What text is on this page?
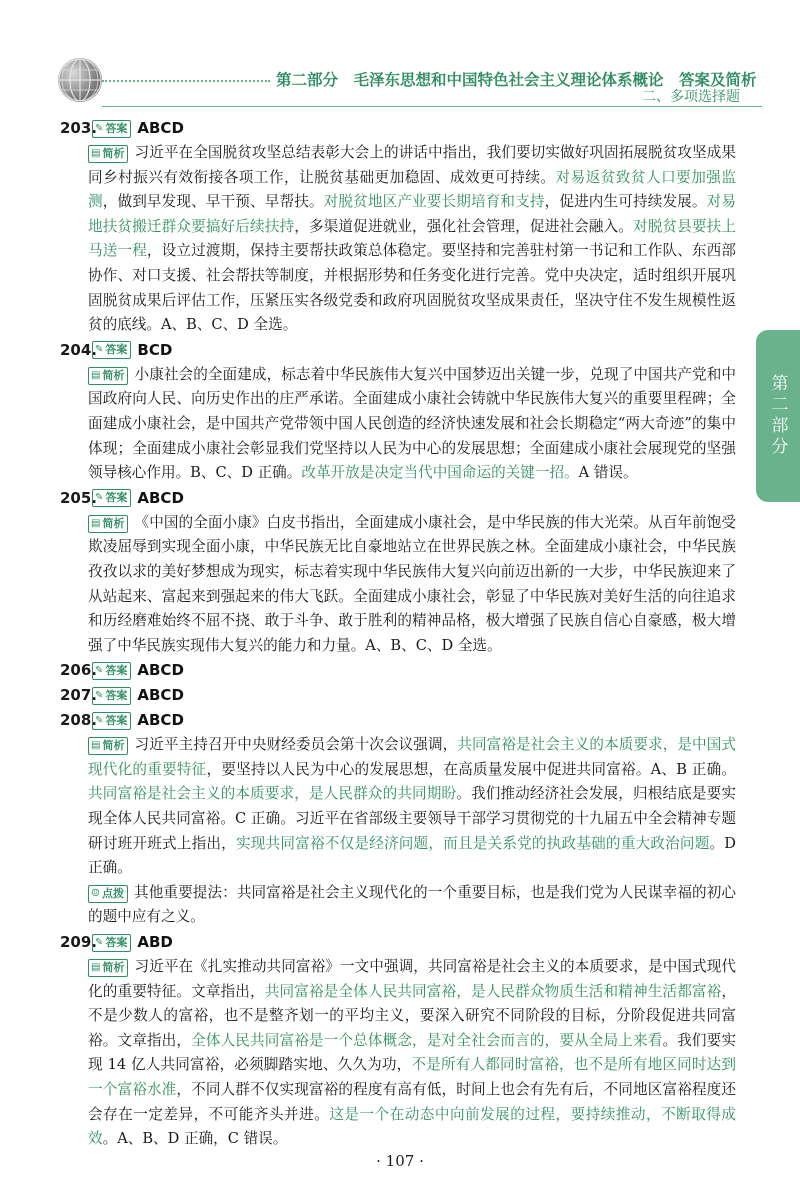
第二部分　毛泽东思想和中国特色社会主义理论体系概论　答案及简析
二、多项选择题
第二部分
203.
✎ 答案 ABCD

▤ 简析 习近平在全国脱贫攻坚总结表彰大会上的讲话中指出，我们要切实做好巩固拓展脱贫攻坚成果同乡村振兴有效衔接各项工作，让脱贫基础更加稳固、成效更可持续。对易返贫致贫人口要加强监测，做到早发现、早干预、早帮扶。对脱贫地区产业要长期培育和支持，促进内生可持续发展。对易地扶贫搬迁群众要搞好后续扶持，多渠道促进就业，强化社会管理，促进社会融入。对脱贫县要扶上马送一程，设立过渡期，保持主要帮扶政策总体稳定。要坚持和完善驻村第一书记和工作队、东西部协作、对口支援、社会帮扶等制度，并根据形势和任务变化进行完善。党中央决定，适时组织开展巩固脱贫成果后评估工作，压紧压实各级党委和政府巩固脱贫攻坚成果责任，坚决守住不发生规模性返贫的底线。A、B、C、D 全选。

204.
✎ 答案 BCD

▤ 简析 小康社会的全面建成，标志着中华民族伟大复兴中国梦迈出关键一步，兑现了中国共产党和中国政府向人民、向历史作出的庄严承诺。全面建成小康社会铸就中华民族伟大复兴的重要里程碑；全面建成小康社会，是中国共产党带领中国人民创造的经济快速发展和社会长期稳定“两大奇迹”的集中体现；全面建成小康社会彰显我们党坚持以人民为中心的发展思想；全面建成小康社会展现党的坚强领导核心作用。B、C、D 正确。改革开放是决定当代中国命运的关键一招。A 错误。

205.
✎ 答案 ABCD

▤ 简析 《中国的全面小康》白皮书指出，全面建成小康社会，是中华民族的伟大光荣。从百年前饱受欺凌屈辱到实现全面小康，中华民族无比自豪地站立在世界民族之林。全面建成小康社会，中华民族孜孜以求的美好梦想成为现实，标志着实现中华民族伟大复兴向前迈出新的一大步，中华民族迎来了从站起来、富起来到强起来的伟大飞跃。全面建成小康社会，彰显了中华民族对美好生活的向往追求和历经磨难始终不屈不挠、敢于斗争、敢于胜利的精神品格，极大增强了民族自信心自豪感，极大增强了中华民族实现伟大复兴的能力和力量。A、B、C、D 全选。

206.
✎ 答案 ABCD
207.
✎ 答案 ABCD
208.
✎ 答案 ABCD

▤ 简析 习近平主持召开中央财经委员会第十次会议强调，共同富裕是社会主义的本质要求，是中国式现代化的重要特征，要坚持以人民为中心的发展思想，在高质量发展中促进共同富裕。A、B 正确。共同富裕是社会主义的本质要求，是人民群众的共同期盼。我们推动经济社会发展，归根结底是要实现全体人民共同富裕。C 正确。习近平在省部级主要领导干部学习贯彻党的十九届五中全会精神专题研讨班开班式上指出，实现共同富裕不仅是经济问题，而且是关系党的执政基础的重大政治问题。D 正确。

☺ 点拨 其他重要提法：共同富裕是社会主义现代化的一个重要目标，也是我们党为人民谋幸福的初心的题中应有之义。

209.
✎ 答案 ABD

▤ 简析 习近平在《扎实推动共同富裕》一文中强调，共同富裕是社会主义的本质要求，是中国式现代化的重要特征。文章指出，共同富裕是全体人民共同富裕，是人民群众物质生活和精神生活都富裕，不是少数人的富裕，也不是整齐划一的平均主义，要深入研究不同阶段的目标，分阶段促进共同富裕。文章指出，全体人民共同富裕是一个总体概念，是对全社会而言的，要从全局上来看。我们要实现 14 亿人共同富裕，必须脚踏实地、久久为功，不是所有人都同时富裕，也不是所有地区同时达到一个富裕水准，不同人群不仅实现富裕的程度有高有低，时间上也会有先有后，不同地区富裕程度还会存在一定差异，不可能齐头并进。这是一个在动态中向前发展的过程，要持续推动，不断取得成效。A、B、D 正确，C 错误。

· 107 ·
